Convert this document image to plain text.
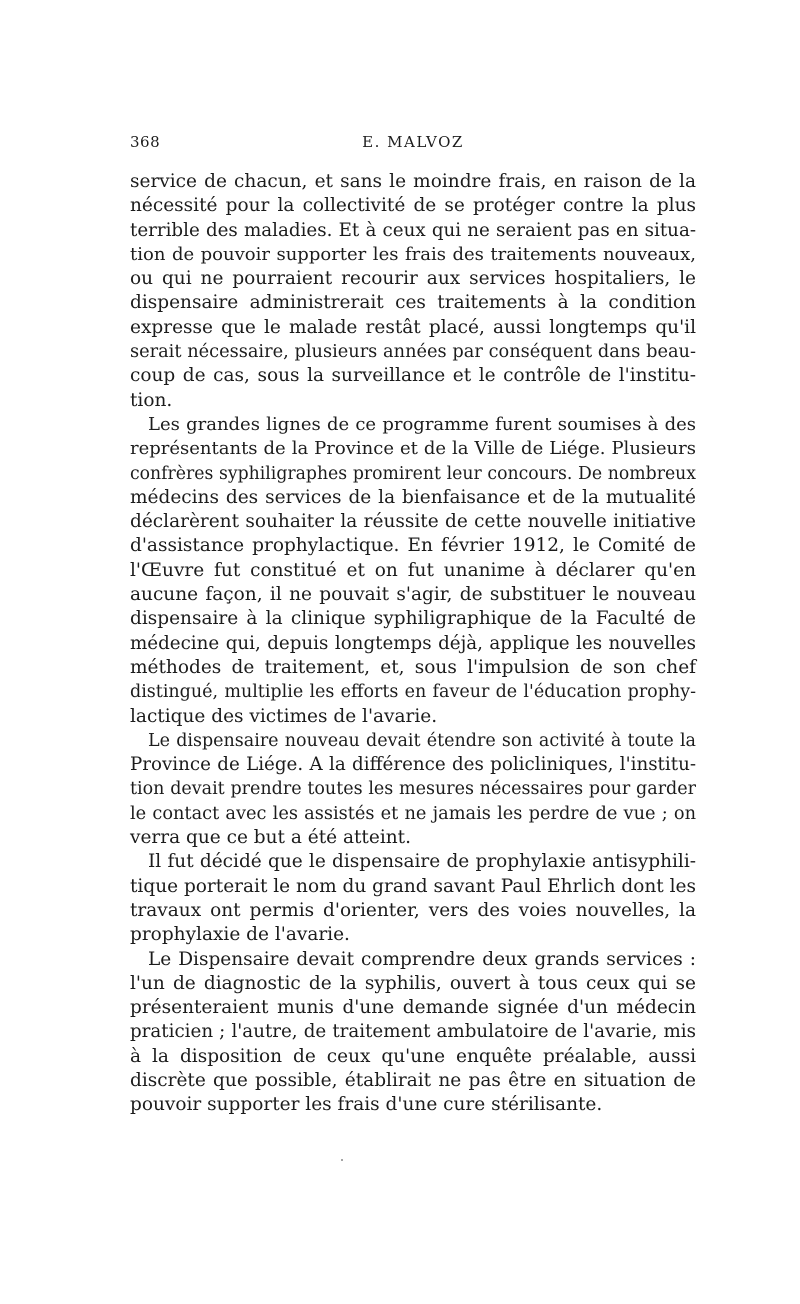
368	E. MALVOZ
service de chacun, et sans le moindre frais, en raison de la
nécessité pour la collectivité de se protéger contre la plus
terrible des maladies. Et à ceux qui ne seraient pas en situa-
tion de pouvoir supporter les frais des traitements nouveaux,
ou qui ne pourraient recourir aux services hospitaliers, le
dispensaire administrerait ces traitements à la condition
expresse que le malade restât placé, aussi longtemps qu'il
serait nécessaire, plusieurs années par conséquent dans beau-
coup de cas, sous la surveillance et le contrôle de l'institu-
tion.
Les grandes lignes de ce programme furent soumises à des
représentants de la Province et de la Ville de Liége. Plusieurs
confrères syphiligraphes promirent leur concours. De nombreux
médecins des services de la bienfaisance et de la mutualité
déclarèrent souhaiter la réussite de cette nouvelle initiative
d'assistance prophylactique. En février 1912, le Comité de
l'Œuvre fut constitué et on fut unanime à déclarer qu'en
aucune façon, il ne pouvait s'agir, de substituer le nouveau
dispensaire à la clinique syphiligraphique de la Faculté de
médecine qui, depuis longtemps déjà, applique les nouvelles
méthodes de traitement, et, sous l'impulsion de son chef
distingué, multiplie les efforts en faveur de l'éducation prophy-
lactique des victimes de l'avarie.
Le dispensaire nouveau devait étendre son activité à toute la
Province de Liége. A la différence des policliniques, l'institu-
tion devait prendre toutes les mesures nécessaires pour garder
le contact avec les assistés et ne jamais les perdre de vue ; on
verra que ce but a été atteint.
Il fut décidé que le dispensaire de prophylaxie antisyphili-
tique porterait le nom du grand savant Paul Ehrlich dont les
travaux ont permis d'orienter, vers des voies nouvelles, la
prophylaxie de l'avarie.
Le Dispensaire devait comprendre deux grands services :
l'un de diagnostic de la syphilis, ouvert à tous ceux qui se
présenteraient munis d'une demande signée d'un médecin
praticien ; l'autre, de traitement ambulatoire de l'avarie, mis
à la disposition de ceux qu'une enquête préalable, aussi
discrète que possible, établirait ne pas être en situation de
pouvoir supporter les frais d'une cure stérilisante.
